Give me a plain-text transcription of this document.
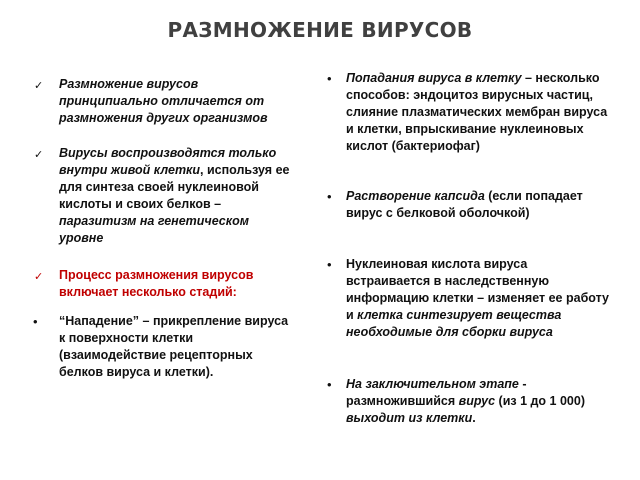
РАЗМНОЖЕНИЕ ВИРУСОВ
✓ Размножение вирусов принципиально отличается от размножения других организмов
✓ Вирусы воспроизводятся только внутри живой клетки, используя ее для синтеза своей нуклеиновой кислоты и своих белков – паразитизм на генетическом уровне
✓ Процесс размножения вирусов включает несколько стадий:
• “Нападение” – прикрепление вируса к поверхности клетки (взаимодействие рецепторных белков вируса и клетки).
• Попадания вируса в клетку – несколько способов: эндоцитоз вирусных частиц, слияние плазматических мембран вируса и клетки, впрыскивание нуклеиновых кислот (бактериофаг)
• Растворение капсида (если попадает вирус с белковой оболочкой)
• Нуклеиновая кислота вируса встраивается в наследственную информацию клетки – изменяет ее работу и клетка синтезирует вещества необходимые для сборки вируса
• На заключительном этапе - размножившийся вирус (из 1 до 1 000) выходит из клетки.
